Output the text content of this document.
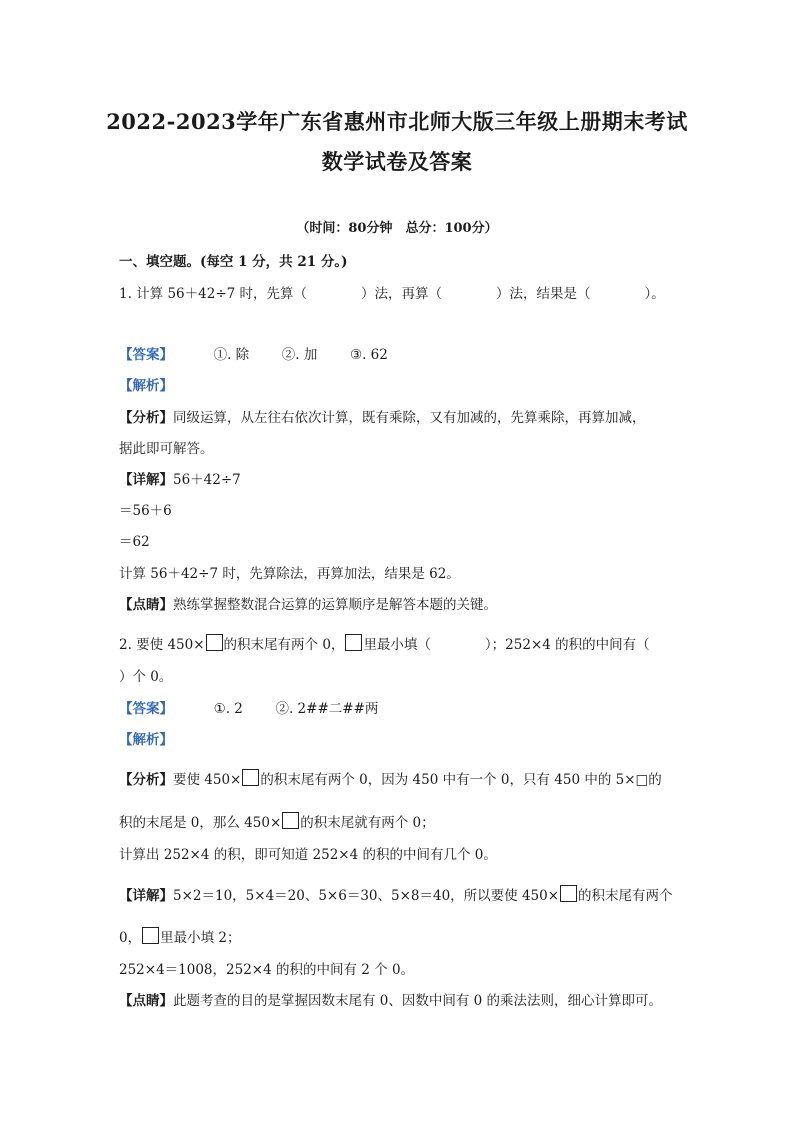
2022-2023学年广东省惠州市北师大版三年级上册期末考试
数学试卷及答案
（时间：80分钟　总分：100分）
一、填空题。(每空 1 分，共 21 分。)
1. 计算 56＋42÷7 时，先算（　　　　）法，再算（　　　　）法，结果是（　　　　）。
【答案】	①. 除 ②. 加 ③. 62
【解析】
【分析】同级运算，从左往右依次计算，既有乘除，又有加减的，先算乘除，再算加减，
据此即可解答。
【详解】56＋42÷7
＝56＋6
＝62
计算 56＋42÷7 时，先算除法，再算加法，结果是 62。
【点睛】熟练掌握整数混合运算的运算顺序是解答本题的关键。
2. 要使 450× 的积末尾有两个 0， 里最小填（　　　　）；252×4 的积的中间有（
）个 0。
【答案】	①. 2 ②. 2##二##两
【解析】
【分析】要使 450× 的积末尾有两个 0，因为 450 中有一个 0，只有 450 中的 5×□的
积的末尾是 0，那么 450× 的积末尾就有两个 0；
计算出 252×4 的积，即可知道 252×4 的积的中间有几个 0。
【详解】5×2＝10，5×4＝20、5×6＝30、5×8＝40，所以要使 450× 的积末尾有两个
0， 里最小填 2；
252×4＝1008，252×4 的积的中间有 2 个 0。
【点睛】此题考查的目的是掌握因数末尾有 0、因数中间有 0 的乘法法则，细心计算即可。
